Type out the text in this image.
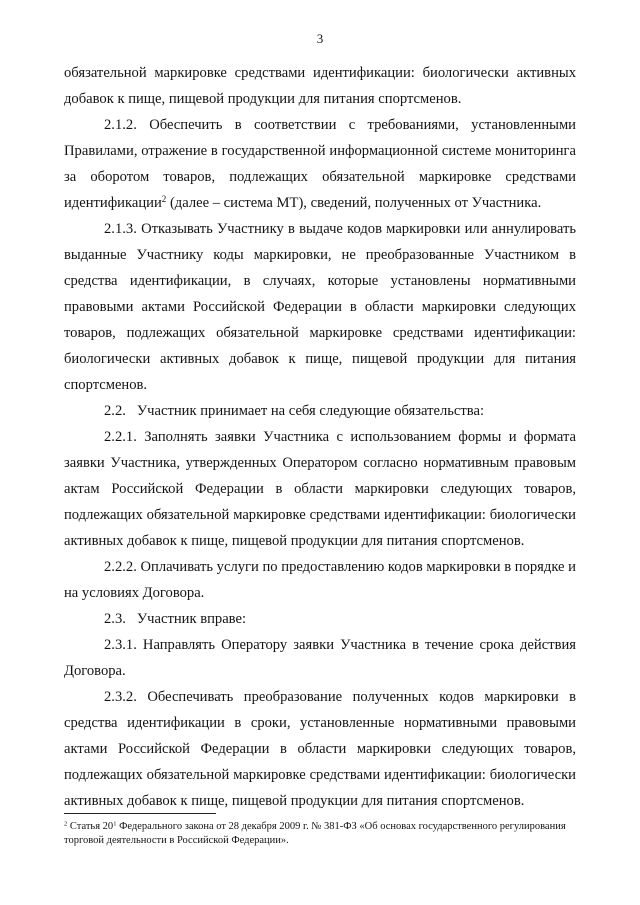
3

обязательной маркировке средствами идентификации: биологически активных добавок к пище, пищевой продукции для питания спортсменов.

2.1.2. Обеспечить в соответствии с требованиями, установленными Правилами, отражение в государственной информационной системе мониторинга за оборотом товаров, подлежащих обязательной маркировке средствами идентификации$^2$ (далее – система МТ), сведений, полученных от Участника.

2.1.3. Отказывать Участнику в выдаче кодов маркировки или аннулировать выданные Участнику коды маркировки, не преобразованные Участником в средства идентификации, в случаях, которые установлены нормативными правовыми актами Российской Федерации в области маркировки следующих товаров, подлежащих обязательной маркировке средствами идентификации: биологически активных добавок к пище, пищевой продукции для питания спортсменов.

2.2. Участник принимает на себя следующие обязательства:

2.2.1. Заполнять заявки Участника с использованием формы и формата заявки Участника, утвержденных Оператором согласно нормативным правовым актам Российской Федерации в области маркировки следующих товаров, подлежащих обязательной маркировке средствами идентификации: биологически активных добавок к пище, пищевой продукции для питания спортсменов.

2.2.2. Оплачивать услуги по предоставлению кодов маркировки в порядке и на условиях Договора.

2.3. Участник вправе:

2.3.1. Направлять Оператору заявки Участника в течение срока действия Договора.

2.3.2. Обеспечивать преобразование полученных кодов маркировки в средства идентификации в сроки, установленные нормативными правовыми актами Российской Федерации в области маркировки следующих товаров, подлежащих обязательной маркировке средствами идентификации: биологически активных добавок к пище, пищевой продукции для питания спортсменов.

$^2$ Статья $20^1$ Федерального закона от 28 декабря 2009 г. № 381-ФЗ «Об основах государственного регулирования торговой деятельности в Российской Федерации».
